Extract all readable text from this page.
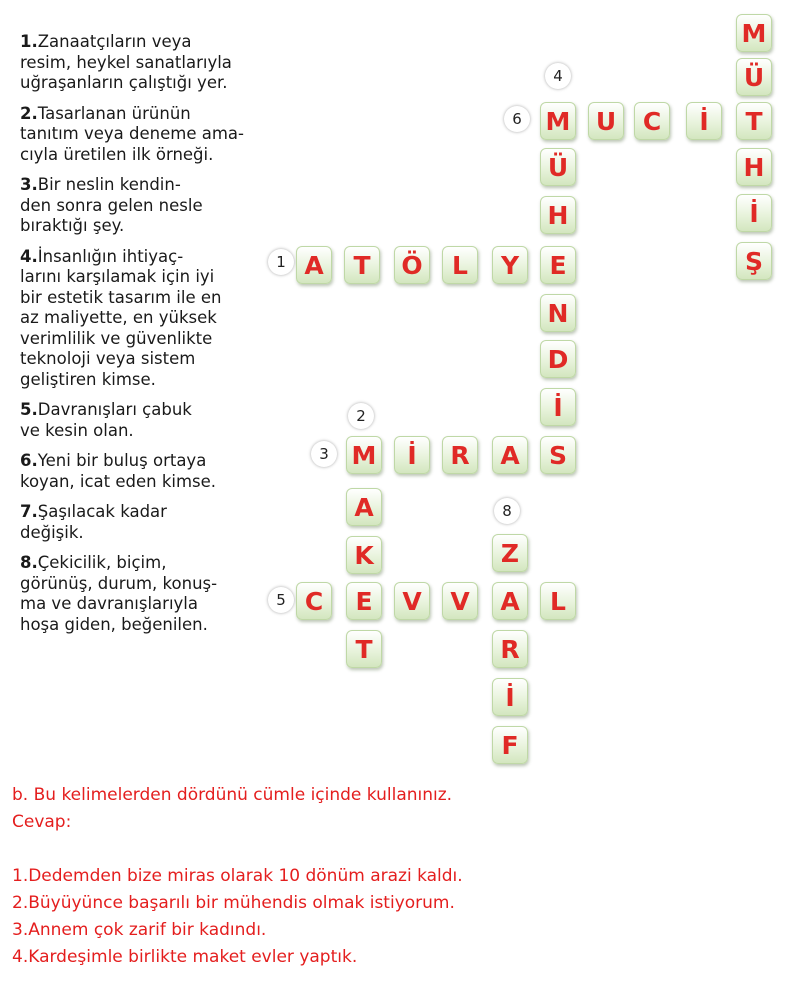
1.Zanaatçıların veya
resim, heykel sanatlarıyla
uğraşanların çalıştığı yer.
2.Tasarlanan ürünün
tanıtım veya deneme ama-
cıyla üretilen ilk örneği.
3.Bir neslin kendin-
den sonra gelen nesle
bıraktığı şey.
4.İnsanlığın ihtiyaç-
larını karşılamak için iyi
bir estetik tasarım ile en
az maliyette, en yüksek
verimlilik ve güvenlikte
teknoloji veya sistem
geliştiren kimse.
5.Davranışları çabuk
ve kesin olan.
6.Yeni bir buluş ortaya
koyan, icat eden kimse.
7.Şaşılacak kadar
değişik.
8.Çekicilik, biçim,
görünüş, durum, konuş-
ma ve davranışlarıyla
hoşa giden, beğenilen.
4
6
1
2
3
8
5
M
Ü
T
H
İ
Ş
M	U	C	İ
Ü
H
E
N
D
İ
S
A	T	Ö	L	Y
M	İ	R	A
A
K
T
C	E	V	V	A	L
Z
R
İ
F
b. Bu kelimelerden dördünü cümle içinde kullanınız.
Cevap:
1.Dedemden bize miras olarak 10 dönüm arazi kaldı.
2.Büyüyünce başarılı bir mühendis olmak istiyorum.
3.Annem çok zarif bir kadındı.
4.Kardeşimle birlikte maket evler yaptık.
